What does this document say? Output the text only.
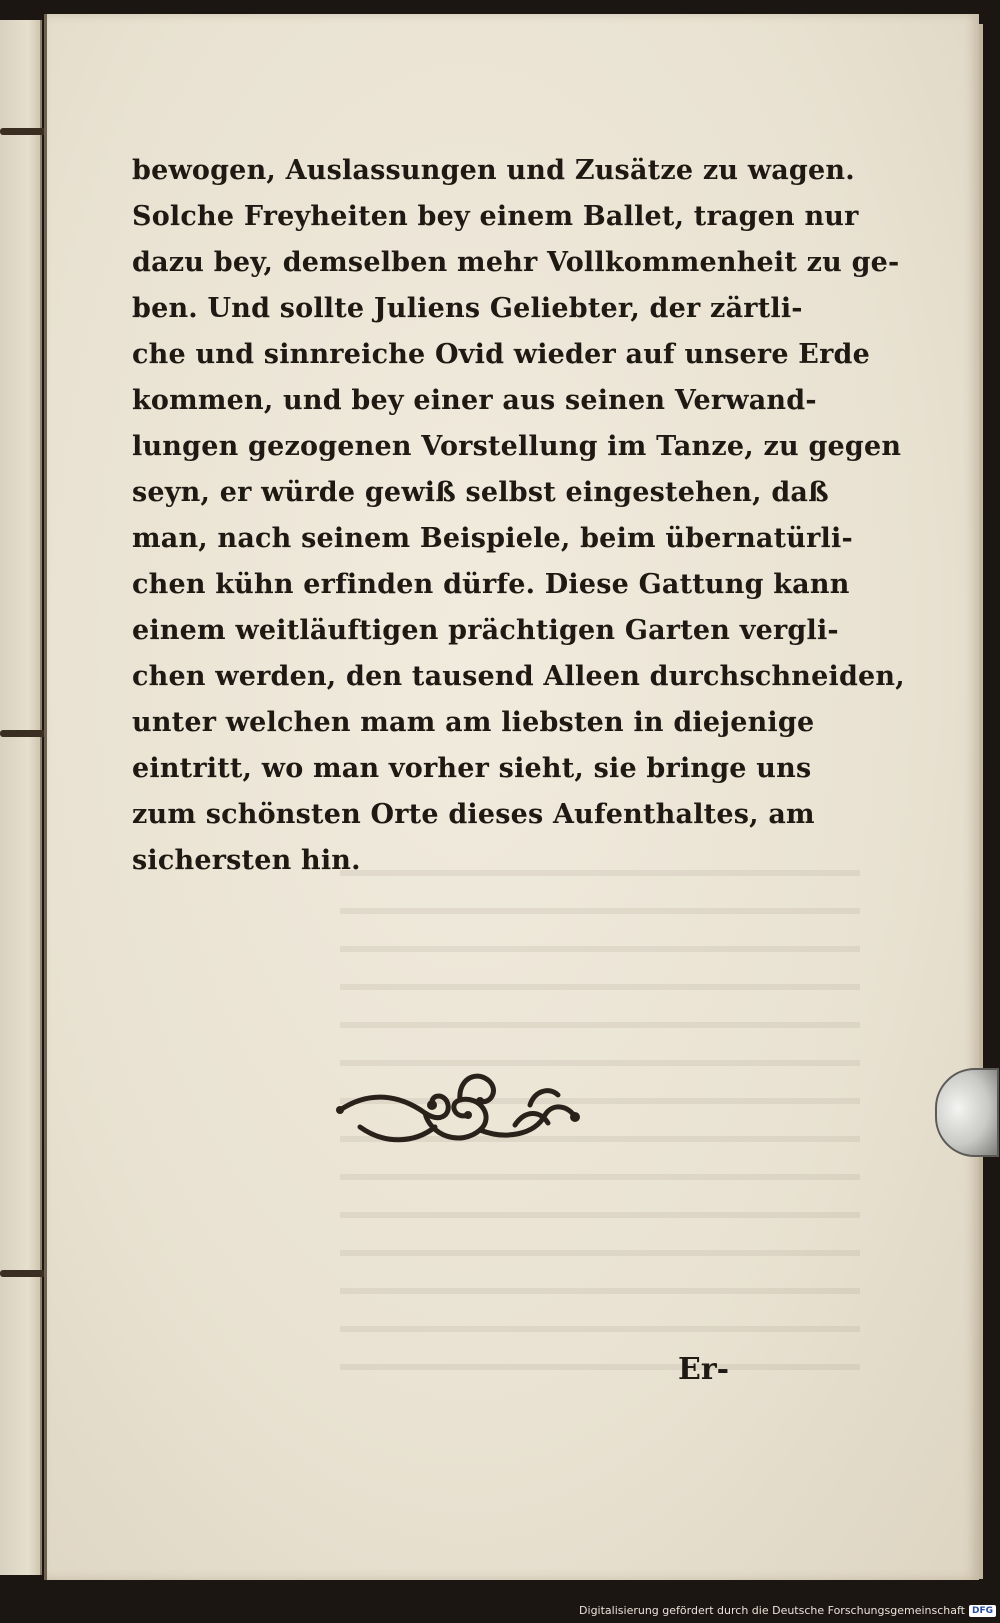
bewogen, Auslassungen und Zusätze zu wagen.
Solche Freyheiten bey einem Ballet, tragen nur
dazu bey, demselben mehr Vollkommenheit zu ge-
ben. Und sollte Juliens Geliebter, der zärtli-
che und sinnreiche Ovid wieder auf unsere Erde
kommen, und bey einer aus seinen Verwand-
lungen gezogenen Vorstellung im Tanze, zu gegen
seyn, er würde gewiß selbst eingestehen, daß
man, nach seinem Beispiele, beim übernatürli-
chen kühn erfinden dürfe. Diese Gattung kann
einem weitläuftigen prächtigen Garten vergli-
chen werden, den tausend Alleen durchschneiden,
unter welchen mam am liebsten in diejenige
eintritt, wo man vorher sieht, sie bringe uns
zum schönsten Orte dieses Aufenthaltes, am
sichersten hin.
Er-
Digitalisierung gefördert durch die Deutsche Forschungsgemeinschaft DFG
